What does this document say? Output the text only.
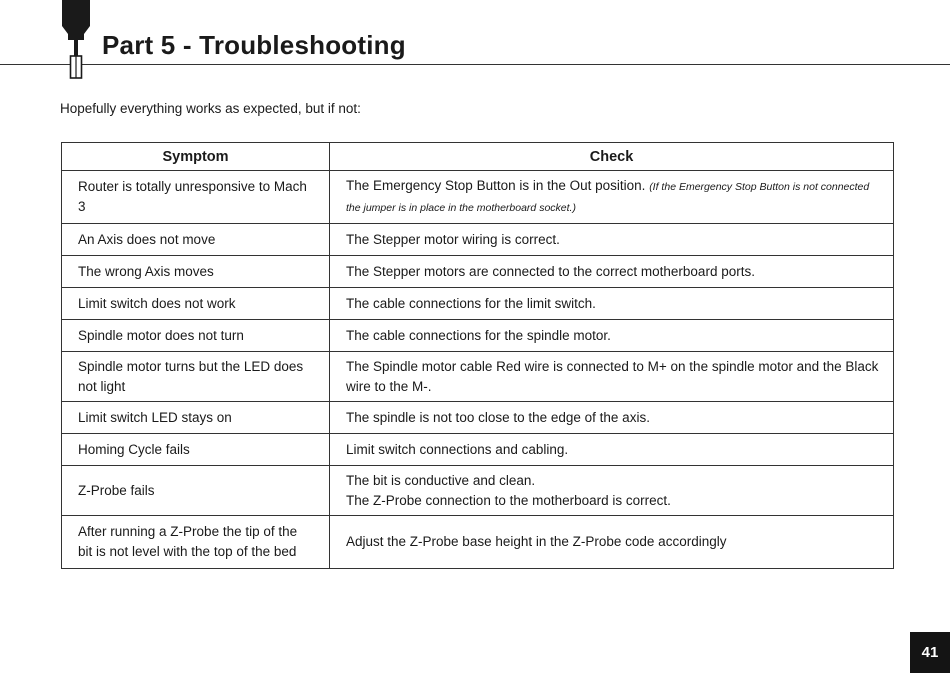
Part 5 - Troubleshooting
Hopefully everything works as expected, but if not:
Symptom	Check
Router is totally unresponsive to Mach 3	The Emergency Stop Button is in the Out position. (If the Emergency Stop Button is not connected the jumper is in place in the motherboard socket.)
An Axis does not move	The Stepper motor wiring is correct.
The wrong Axis moves	The Stepper motors are connected to the correct motherboard ports.
Limit switch does not work	The cable connections for the limit switch.
Spindle motor does not turn	The cable connections for the spindle motor.
Spindle motor turns but the LED does not light	The Spindle motor cable Red wire is connected to M+ on the spindle motor and the Black wire to the M-.
Limit switch LED stays on	The spindle is not too close to the edge of the axis.
Homing Cycle fails	Limit switch connections and cabling.
Z-Probe fails	The bit is conductive and clean.
The Z-Probe connection to the motherboard is correct.

After running a Z-Probe the tip of the bit is not level with the top of the bed	Adjust the Z-Probe base height in the Z-Probe code accordingly
41
